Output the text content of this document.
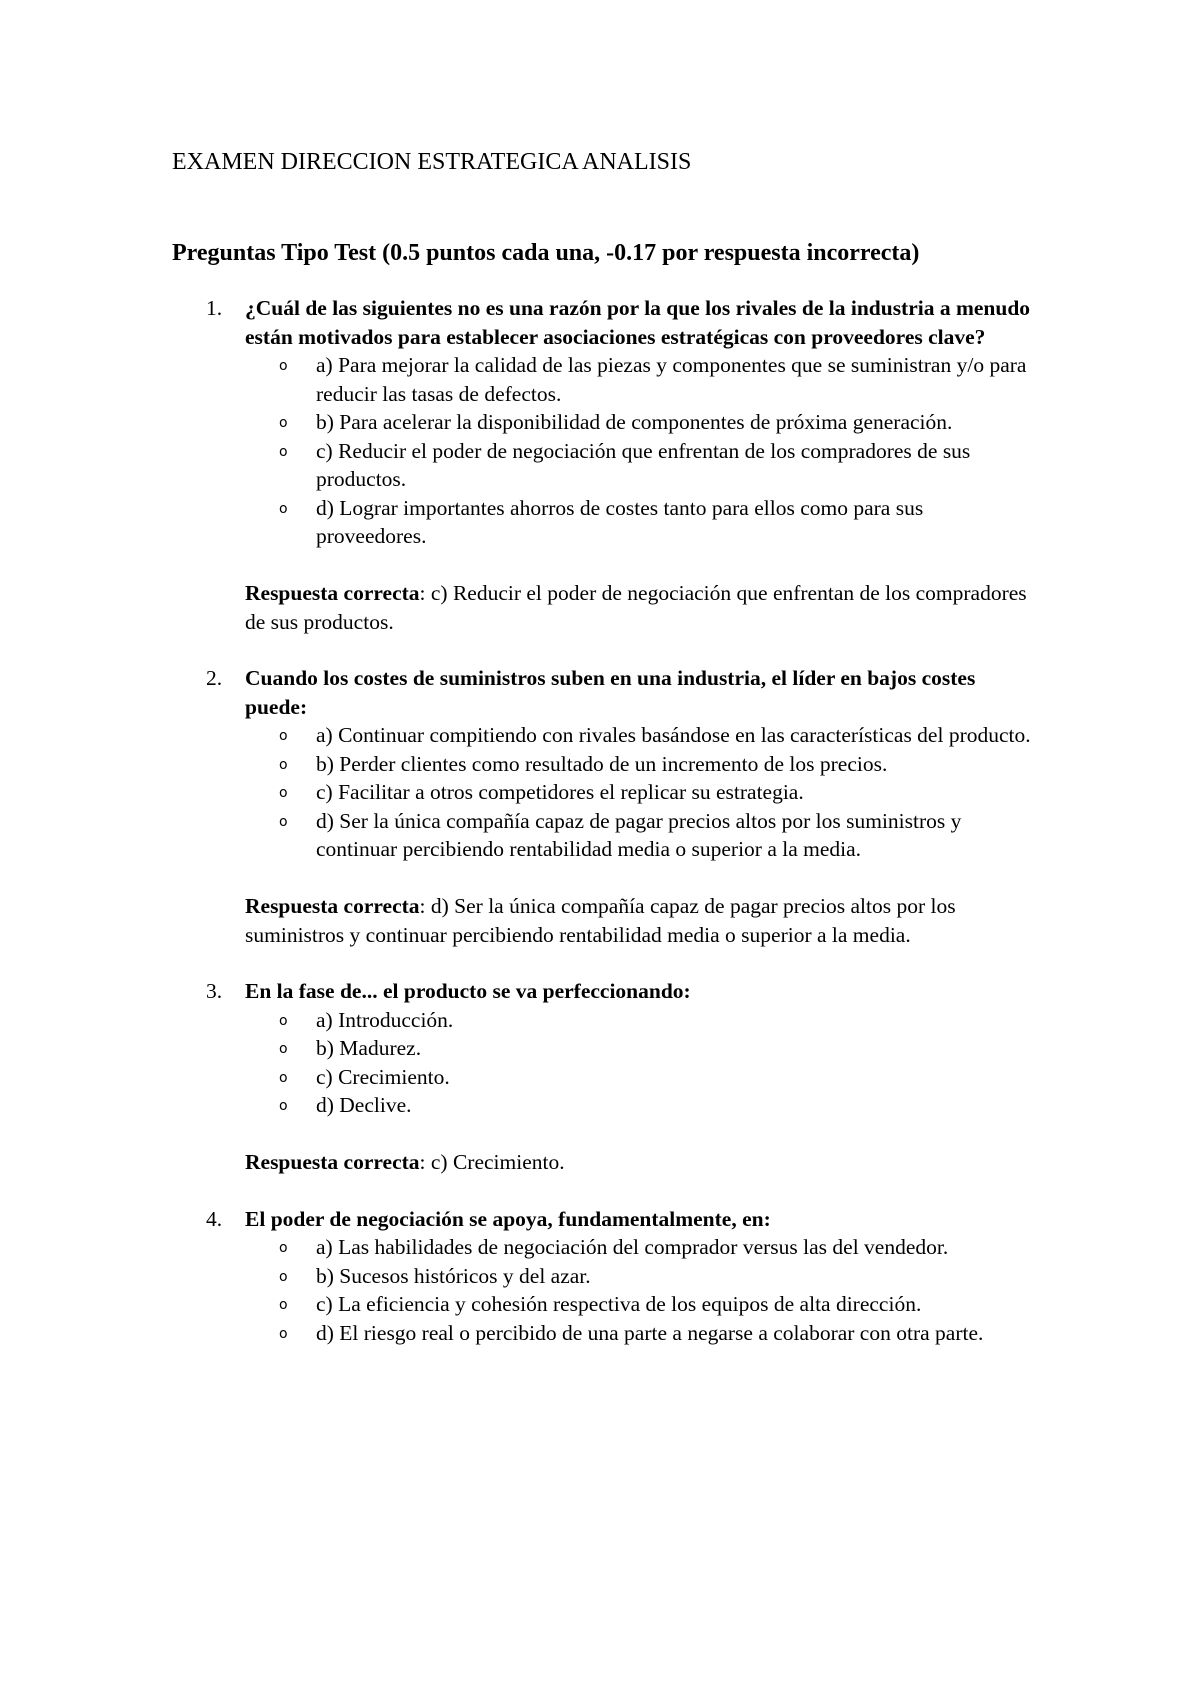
EXAMEN DIRECCION ESTRATEGICA ANALISIS
Preguntas Tipo Test (0.5 puntos cada una, -0.17 por respuesta incorrecta)
1. ¿Cuál de las siguientes no es una razón por la que los rivales de la industria a menudo están motivados para establecer asociaciones estratégicas con proveedores clave?

o a) Para mejorar la calidad de las piezas y componentes que se suministran y/o para reducir las tasas de defectos.
o b) Para acelerar la disponibilidad de componentes de próxima generación.
o c) Reducir el poder de negociación que enfrentan de los compradores de sus productos.
o d) Lograr importantes ahorros de costes tanto para ellos como para sus proveedores.

Respuesta correcta: c) Reducir el poder de negociación que enfrentan de los compradores de sus productos.

2. Cuando los costes de suministros suben en una industria, el líder en bajos costes puede:

o a) Continuar compitiendo con rivales basándose en las características del producto.
o b) Perder clientes como resultado de un incremento de los precios.
o c) Facilitar a otros competidores el replicar su estrategia.
o d) Ser la única compañía capaz de pagar precios altos por los suministros y continuar percibiendo rentabilidad media o superior a la media.

Respuesta correcta: d) Ser la única compañía capaz de pagar precios altos por los suministros y continuar percibiendo rentabilidad media o superior a la media.

3. En la fase de... el producto se va perfeccionando:

o a) Introducción.
o b) Madurez.
o c) Crecimiento.
o d) Declive.

Respuesta correcta: c) Crecimiento.

4. El poder de negociación se apoya, fundamentalmente, en:

o a) Las habilidades de negociación del comprador versus las del vendedor.
o b) Sucesos históricos y del azar.
o c) La eficiencia y cohesión respectiva de los equipos de alta dirección.
o d) El riesgo real o percibido de una parte a negarse a colaborar con otra parte.
